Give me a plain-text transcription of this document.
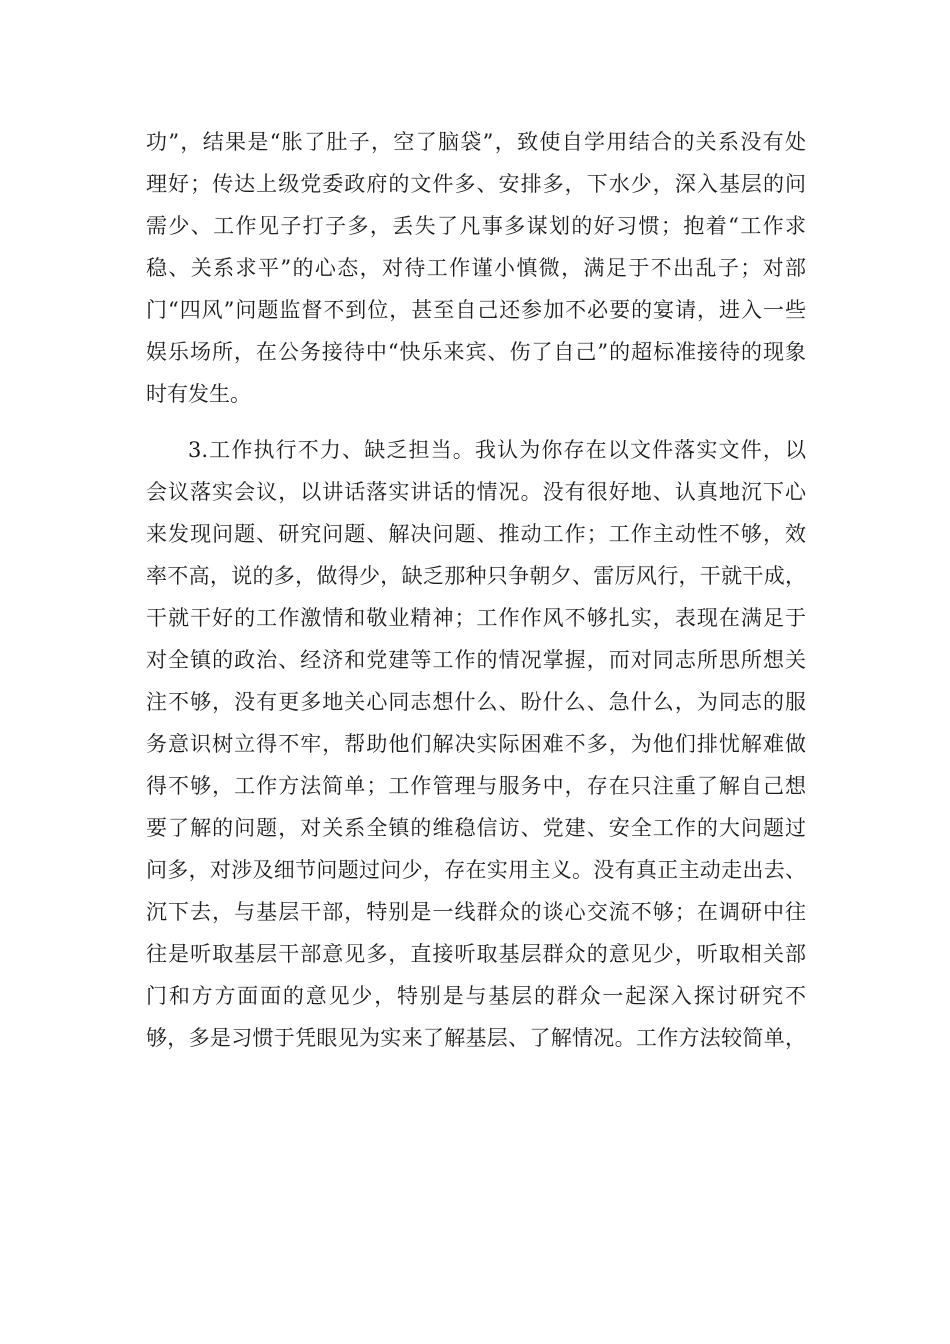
功”，结果是“胀了肚子，空了脑袋”，致使自学用结合的关系没有处
理好；传达上级党委政府的文件多、安排多，下水少，深入基层的问
需少、工作见子打子多，丢失了凡事多谋划的好习惯；抱着“工作求
稳、关系求平”的心态，对待工作谨小慎微，满足于不出乱子；对部
门“四风”问题监督不到位，甚至自己还参加不必要的宴请，进入一些
娱乐场所，在公务接待中“快乐来宾、伤了自己”的超标准接待的现象
时有发生。
3.工作执行不力、缺乏担当。我认为你存在以文件落实文件，以
会议落实会议，以讲话落实讲话的情况。没有很好地、认真地沉下心
来发现问题、研究问题、解决问题、推动工作；工作主动性不够，效
率不高，说的多，做得少，缺乏那种只争朝夕、雷厉风行，干就干成，
干就干好的工作激情和敬业精神；工作作风不够扎实，表现在满足于
对全镇的政治、经济和党建等工作的情况掌握，而对同志所思所想关
注不够，没有更多地关心同志想什么、盼什么、急什么，为同志的服
务意识树立得不牢，帮助他们解决实际困难不多，为他们排忧解难做
得不够，工作方法简单；工作管理与服务中，存在只注重了解自己想
要了解的问题，对关系全镇的维稳信访、党建、安全工作的大问题过
问多，对涉及细节问题过问少，存在实用主义。没有真正主动走出去、
沉下去，与基层干部，特别是一线群众的谈心交流不够；在调研中往
往是听取基层干部意见多，直接听取基层群众的意见少，听取相关部
门和方方面面的意见少，特别是与基层的群众一起深入探讨研究不
够，多是习惯于凭眼见为实来了解基层、了解情况。工作方法较简单，
